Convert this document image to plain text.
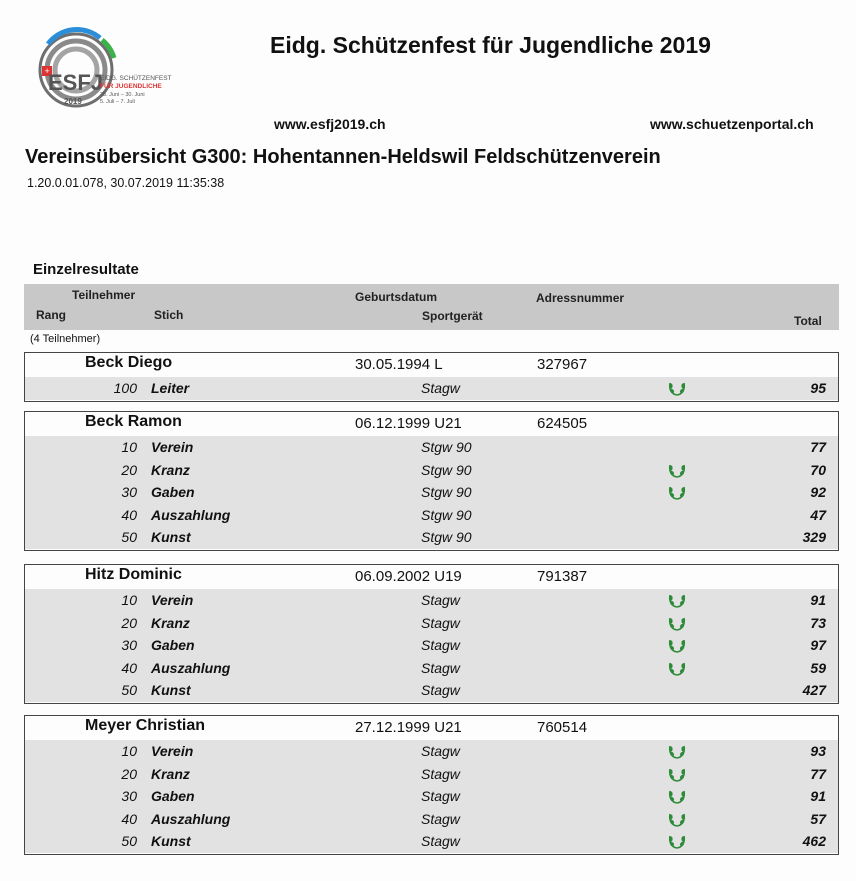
+
ESFJ
2019
EIDG. SCHÜTZENFEST
FÜR JUGENDLICHE
28. Juni – 30. Juni
5. Juli – 7. Juli
Eidg. Schützenfest für Jugendliche 2019
www.esfj2019.ch	www.schuetzenportal.ch
Vereinsübersicht G300: Hohentannen-Heldswil Feldschützenverein
1.20.0.01.078, 30.07.2019 11:35:38
Einzelresultate
Teilnehmer	Geburtsdatum	Adressnummer
Rang	Stich	Sportgerät	Total
(4 Teilnehmer)
Beck Diego	30.05.1994 L	327967
100 Leiter	Stagw	95
Beck Ramon	06.12.1999 U21	624505
10 Verein	Stgw 90	77
20 Kranz	Stgw 90	70
30 Gaben	Stgw 90	92
40 Auszahlung	Stgw 90	47
50 Kunst	Stgw 90	329
Hitz Dominic	06.09.2002 U19	791387
10 Verein	Stagw	91
20 Kranz	Stagw	73
30 Gaben	Stagw	97
40 Auszahlung	Stagw	59
50 Kunst	Stagw	427
Meyer Christian	27.12.1999 U21	760514
10 Verein	Stagw	93
20 Kranz	Stagw	77
30 Gaben	Stagw	91
40 Auszahlung	Stagw	57
50 Kunst	Stagw	462
